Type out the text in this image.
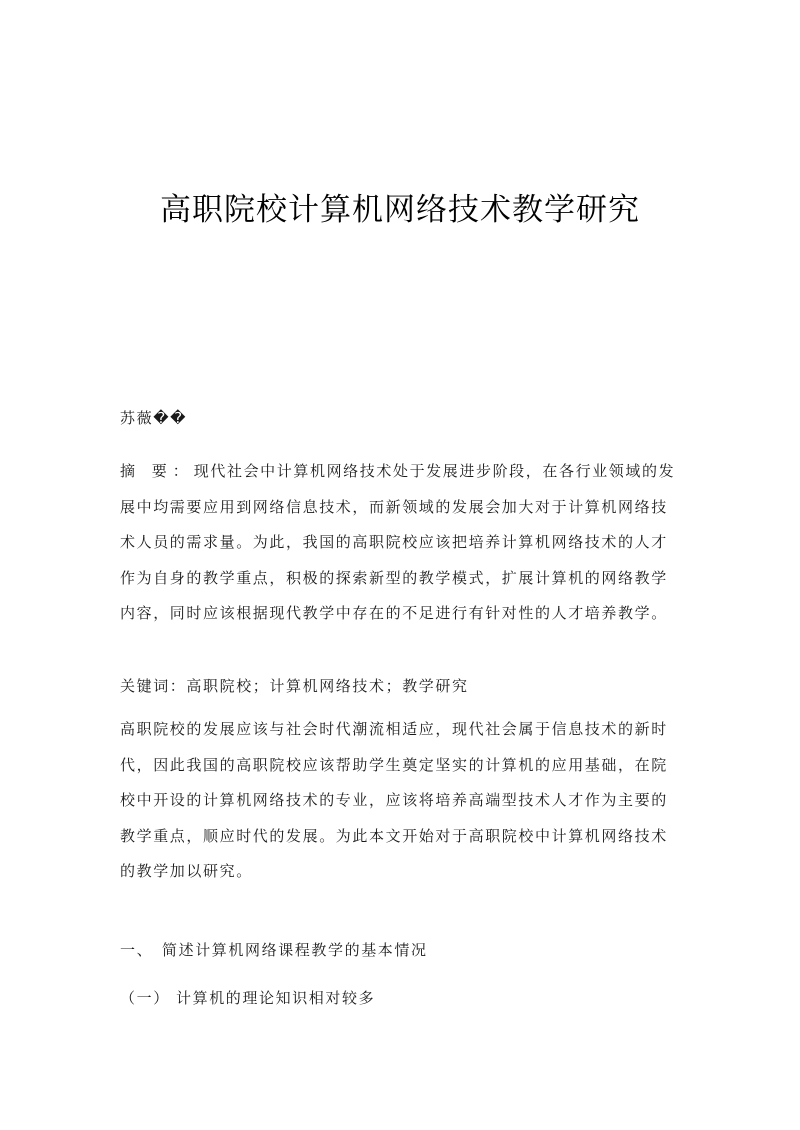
高职院校计算机网络技术教学研究

苏薇��

摘 要：现代社会中计算机网络技术处于发展进步阶段，在各行业领域的发展中均需要应用到网络信息技术，而新领域的发展会加大对于计算机网络技术人员的需求量。为此，我国的高职院校应该把培养计算机网络技术的人才作为自身的教学重点，积极的探索新型的教学模式，扩展计算机的网络教学内容，同时应该根据现代教学中存在的不足进行有针对性的人才培养教学。

关键词：高职院校；计算机网络技术；教学研究

高职院校的发展应该与社会时代潮流相适应，现代社会属于信息技术的新时代，因此我国的高职院校应该帮助学生奠定坚实的计算机的应用基础，在院校中开设的计算机网络技术的专业，应该将培养高端型技术人才作为主要的教学重点，顺应时代的发展。为此本文开始对于高职院校中计算机网络技术的教学加以研究。

一、 简述计算机网络课程教学的基本情况

（一） 计算机的理论知识相对较多
